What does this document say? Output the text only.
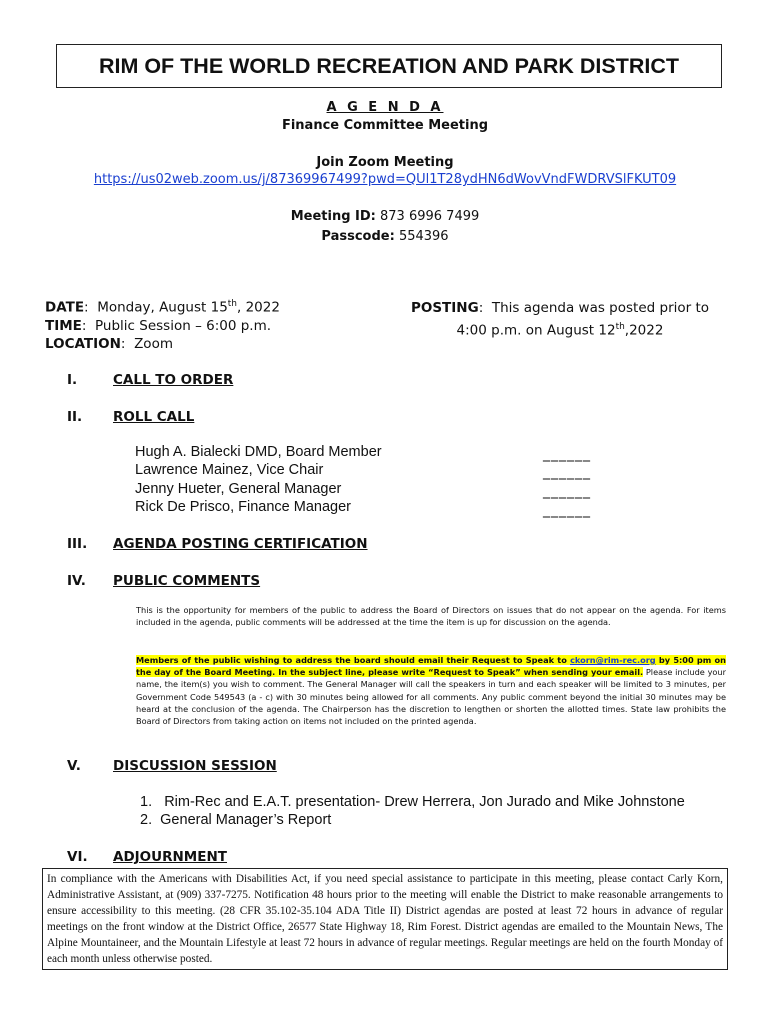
RIM OF THE WORLD RECREATION AND PARK DISTRICT
A G E N D A
Finance Committee Meeting
Join Zoom Meeting
https://us02web.zoom.us/j/87369967499?pwd=QUl1T28ydHN6dWovVndFWDRVSlFKUT09
Meeting ID: 873 6996 7499
Passcode: 554396
DATE:  Monday, August 15th, 2022
TIME:  Public Session – 6:00 p.m.
LOCATION:  Zoom
POSTING:  This agenda was posted prior to
4:00 p.m. on August 12th,2022
I.	CALL TO ORDER
II. ROLL CALL
Hugh A. Bialecki DMD, Board Member	______
Lawrence Mainez, Vice Chair	______
Jenny Hueter, General Manager	______
Rick De Prisco, Finance Manager	______
III. AGENDA POSTING CERTIFICATION
IV. PUBLIC COMMENTS
This is the opportunity for members of the public to address the Board of Directors on issues that do not appear on the agenda. For items included in the agenda, public comments will be addressed at the time the item is up for discussion on the agenda.
Members of the public wishing to address the board should email their Request to Speak to ckorn@rim-rec.org by 5:00 pm on the day of the Board Meeting. In the subject line, please write “Request to Speak” when sending your email. Please include your name, the item(s) you wish to comment. The General Manager will call the speakers in turn and each speaker will be limited to 3 minutes, per Government Code 549543 (a - c) with 30 minutes being allowed for all comments. Any public comment beyond the initial 30 minutes may be heard at the conclusion of the agenda. The Chairperson has the discretion to lengthen or shorten the allotted times. State law prohibits the Board of Directors from taking action on items not included on the printed agenda.
V. DISCUSSION SESSION
1. Rim-Rec and E.A.T. presentation- Drew Herrera, Jon Jurado and Mike Johnstone
2. General Manager’s Report
VI. ADJOURNMENT
In compliance with the Americans with Disabilities Act, if you need special assistance to participate in this meeting, please contact Carly Korn, Administrative Assistant, at (909) 337-7275. Notification 48 hours prior to the meeting will enable the District to make reasonable arrangements to ensure accessibility to this meeting. (28 CFR 35.102-35.104 ADA Title II) District agendas are posted at least 72 hours in advance of regular meetings on the front window at the District Office, 26577 State Highway 18, Rim Forest. District agendas are emailed to the Mountain News, The Alpine Mountaineer, and the Mountain Lifestyle at least 72 hours in advance of regular meetings. Regular meetings are held on the fourth Monday of each month unless otherwise posted.
